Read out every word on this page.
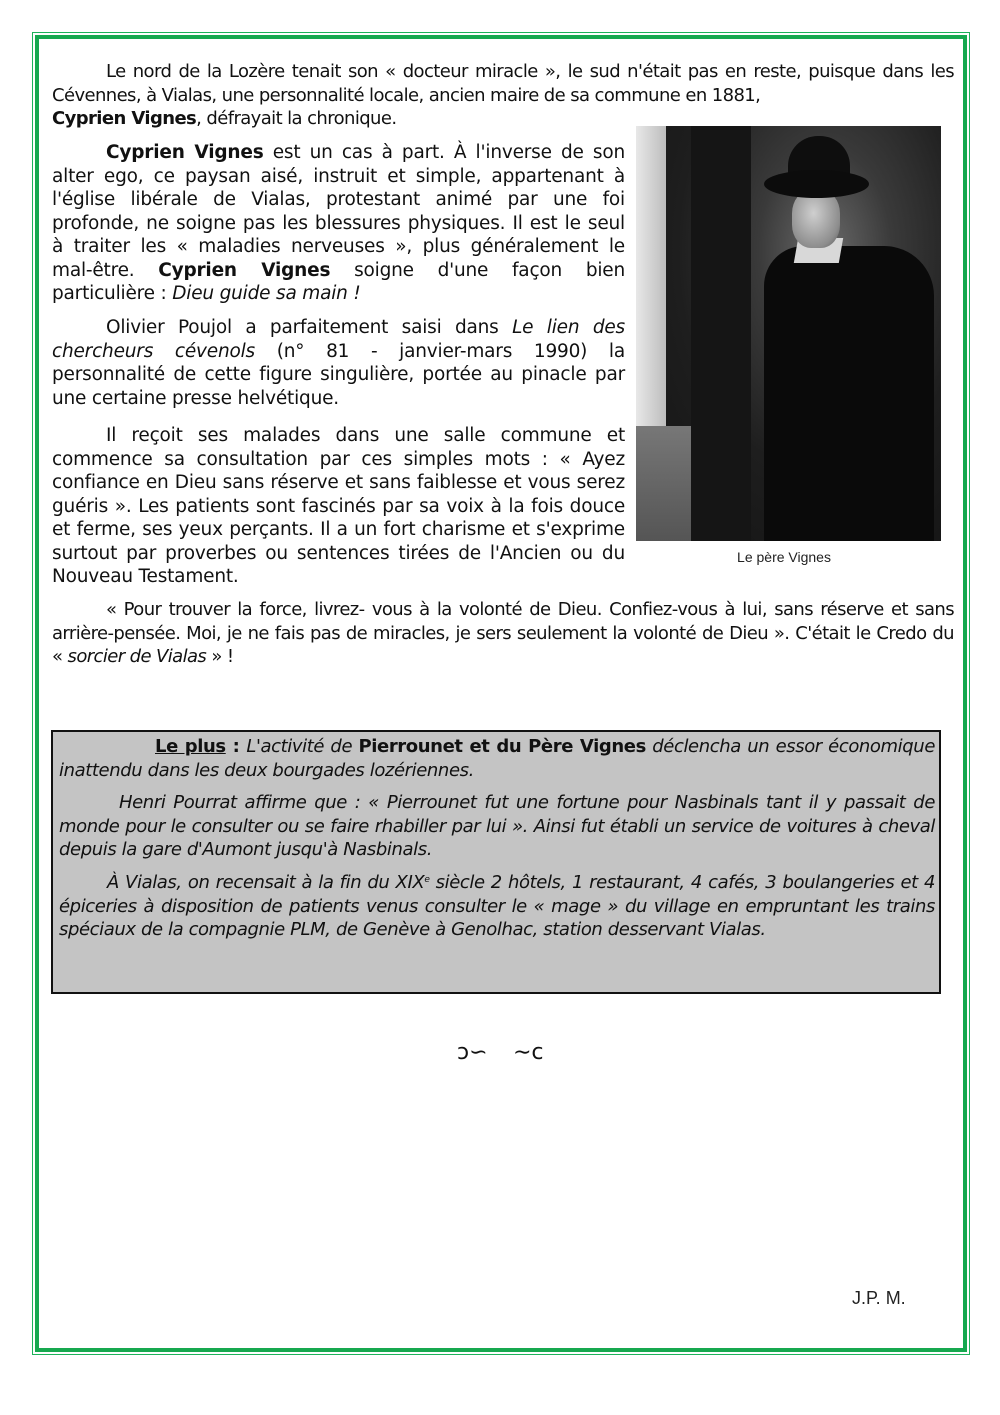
Le nord de la Lozère tenait son « docteur miracle », le sud n'était pas en reste, puisque dans les Cévennes, à Vialas, une personnalité locale, ancien maire de sa commune en 1881,
Cyprien Vignes, défrayait la chronique.

Cyprien Vignes est un cas à part. À l'inverse de son alter ego, ce paysan aisé, instruit et simple, appartenant à l'église libérale de Vialas, protestant animé par une foi profonde, ne soigne pas les blessures physiques. Il est le seul à traiter les « maladies nerveuses », plus généralement le mal-être. Cyprien Vignes soigne d'une façon bien particulière : Dieu guide sa main !

Olivier Poujol a parfaitement saisi dans Le lien des chercheurs cévenols (n° 81 - janvier-mars 1990) la personnalité de cette figure singulière, portée au pinacle par une certaine presse helvétique.

Il reçoit ses malades dans une salle commune et commence sa consultation par ces simples mots : « Ayez confiance en Dieu sans réserve et sans faiblesse et vous serez guéris ». Les patients sont fascinés par sa voix à la fois douce et ferme, ses yeux perçants. Il a un fort charisme et s'exprime surtout par proverbes ou sentences tirées de l'Ancien ou du Nouveau Testament.

Le père Vignes

« Pour trouver la force, livrez- vous à la volonté de Dieu. Confiez-vous à lui, sans réserve et sans arrière-pensée. Moi, je ne fais pas de miracles, je sers seulement la volonté de Dieu ». C'était le Credo du « sorcier de Vialas » !

Le plus : L'activité de Pierrounet et du Père Vignes déclencha un essor économique inattendu dans les deux bourgades lozériennes.

Henri Pourrat affirme que : « Pierrounet fut une fortune pour Nasbinals tant il y passait de monde pour le consulter ou se faire rhabiller par lui ». Ainsi fut établi un service de voitures à cheval depuis la gare d'Aumont jusqu'à Nasbinals.

À Vialas, on recensait à la fin du XIXe siècle 2 hôtels, 1 restaurant, 4 cafés, 3 boulangeries et 4 épiceries à disposition de patients venus consulter le « mage » du village en empruntant les trains spéciaux de la compagnie PLM, de Genève à Genolhac, station desservant Vialas.

ↄ∽ ↄ∽
J.P. M.
